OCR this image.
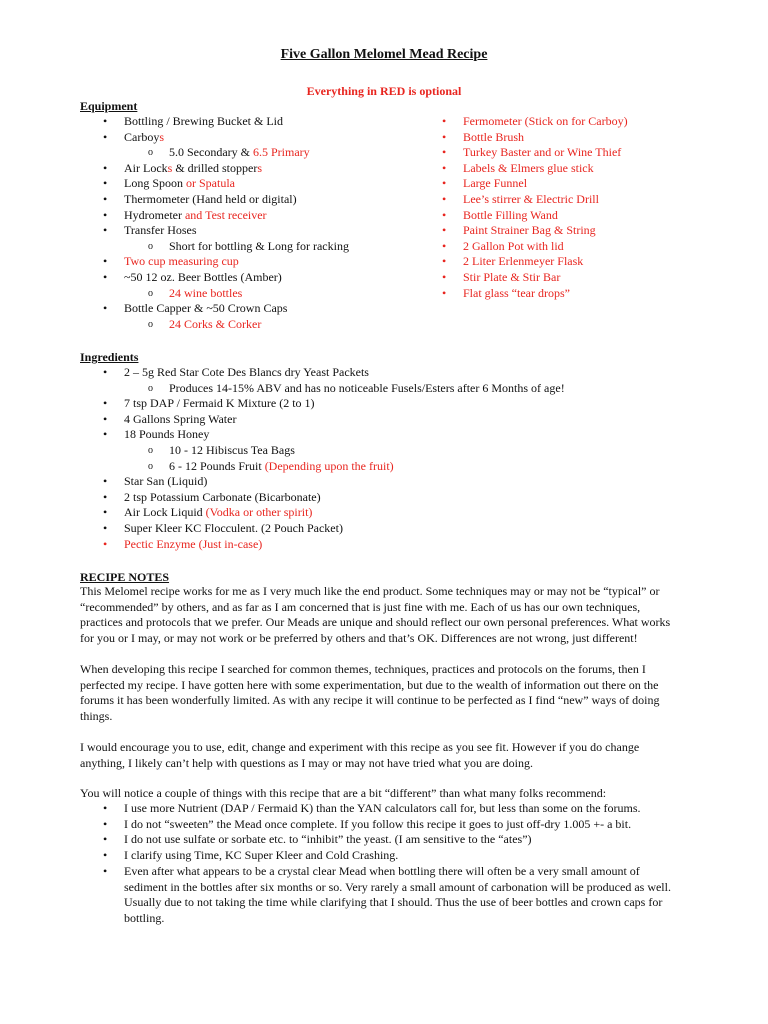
Five Gallon Melomel Mead Recipe
Everything in RED is optional
Equipment
• Bottling / Brewing Bucket & Lid
• Carboys
o 5.0 Secondary & 6.5 Primary
• Air Locks & drilled stoppers
• Long Spoon or Spatula
• Thermometer (Hand held or digital)
• Hydrometer and Test receiver
• Transfer Hoses
o Short for bottling & Long for racking
• Two cup measuring cup
• ~50 12 oz. Beer Bottles (Amber)
o 24 wine bottles
• Bottle Capper & ~50 Crown Caps
o 24 Corks & Corker
• Fermometer (Stick on for Carboy)
• Bottle Brush
• Turkey Baster and or Wine Thief
• Labels & Elmers glue stick
• Large Funnel
• Lee’s stirrer & Electric Drill
• Bottle Filling Wand
• Paint Strainer Bag & String
• 2 Gallon Pot with lid
• 2 Liter Erlenmeyer Flask
• Stir Plate & Stir Bar
• Flat glass “tear drops”
Ingredients
• 2 – 5g Red Star Cote Des Blancs dry Yeast Packets
o Produces 14-15% ABV and has no noticeable Fusels/Esters after 6 Months of age!
• 7 tsp DAP / Fermaid K Mixture (2 to 1)
• 4 Gallons Spring Water
• 18 Pounds Honey
o 10 - 12 Hibiscus Tea Bags
o 6 - 12 Pounds Fruit (Depending upon the fruit)
• Star San (Liquid)
• 2 tsp Potassium Carbonate (Bicarbonate)
• Air Lock Liquid (Vodka or other spirit)
• Super Kleer KC Flocculent. (2 Pouch Packet)
• Pectic Enzyme (Just in-case)
RECIPE NOTES

This Melomel recipe works for me as I very much like the end product. Some techniques may or may not be “typical” or

“recommended” by others, and as far as I am concerned that is just fine with me. Each of us has our own techniques,

practices and protocols that we prefer. Our Meads are unique and should reflect our own personal preferences. What works

for you or I may, or may not work or be preferred by others and that’s OK. Differences are not wrong, just different!

When developing this recipe I searched for common themes, techniques, practices and protocols on the forums, then I

perfected my recipe. I have gotten here with some experimentation, but due to the wealth of information out there on the

forums it has been wonderfully limited. As with any recipe it will continue to be perfected as I find “new” ways of doing

things.

I would encourage you to use, edit, change and experiment with this recipe as you see fit. However if you do change

anything, I likely can’t help with questions as I may or may not have tried what you are doing.

You will notice a couple of things with this recipe that are a bit “different” than what many folks recommend:

• I use more Nutrient (DAP / Fermaid K) than the YAN calculators call for, but less than some on the forums.
• I do not “sweeten” the Mead once complete. If you follow this recipe it goes to just off-dry 1.005 +- a bit.
• I do not use sulfate or sorbate etc. to “inhibit” the yeast. (I am sensitive to the “ates”)
• I clarify using Time, KC Super Kleer and Cold Crashing.
• Even after what appears to be a crystal clear Mead when bottling there will often be a very small amount of
sediment in the bottles after six months or so. Very rarely a small amount of carbonation will be produced as well.
Usually due to not taking the time while clarifying that I should. Thus the use of beer bottles and crown caps for
bottling.
